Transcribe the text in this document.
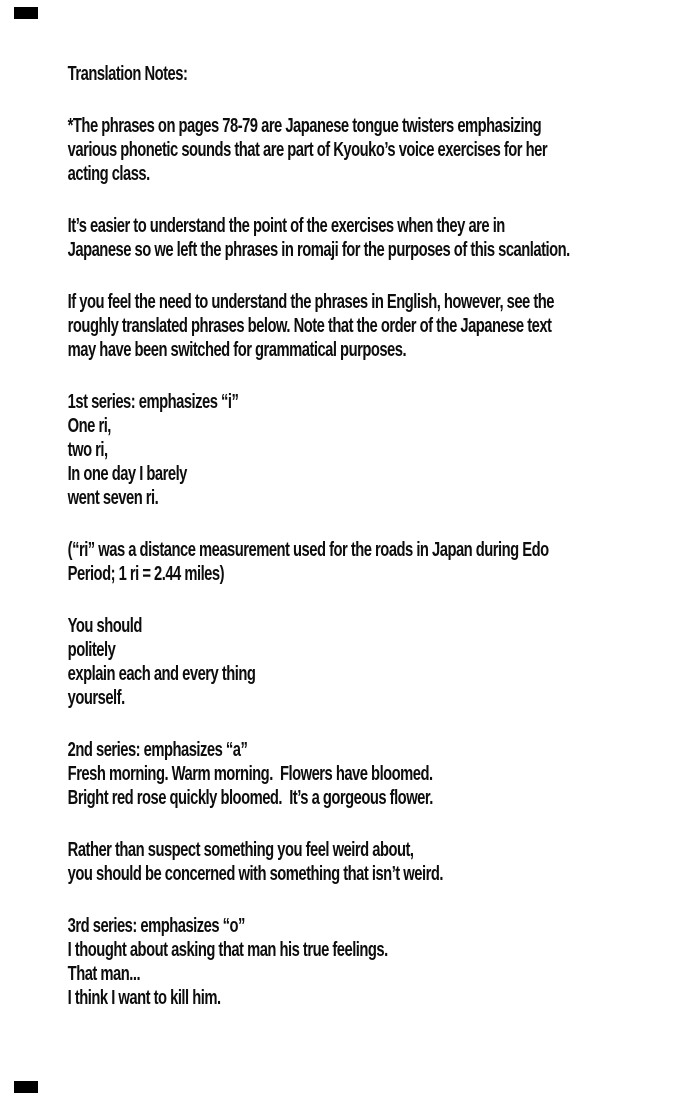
Translation Notes:

*The phrases on pages 78-79 are Japanese tongue twisters emphasizing
various phonetic sounds that are part of Kyouko’s voice exercises for her
acting class.

It’s easier to understand the point of the exercises when they are in
Japanese so we left the phrases in romaji for the purposes of this scanlation.

If you feel the need to understand the phrases in English, however, see the
roughly translated phrases below. Note that the order of the Japanese text
may have been switched for grammatical purposes.

1st series: emphasizes “i”
One ri,
two ri,
In one day I barely
went seven ri.

(“ri” was a distance measurement used for the roads in Japan during Edo
Period; 1 ri = 2.44 miles)

You should
politely
explain each and every thing
yourself.

2nd series: emphasizes “a”
Fresh morning. Warm morning.  Flowers have bloomed.
Bright red rose quickly bloomed.  It’s a gorgeous flower.

Rather than suspect something you feel weird about,
you should be concerned with something that isn’t weird.

3rd series: emphasizes “o”
I thought about asking that man his true feelings.
That man...
I think I want to kill him.
